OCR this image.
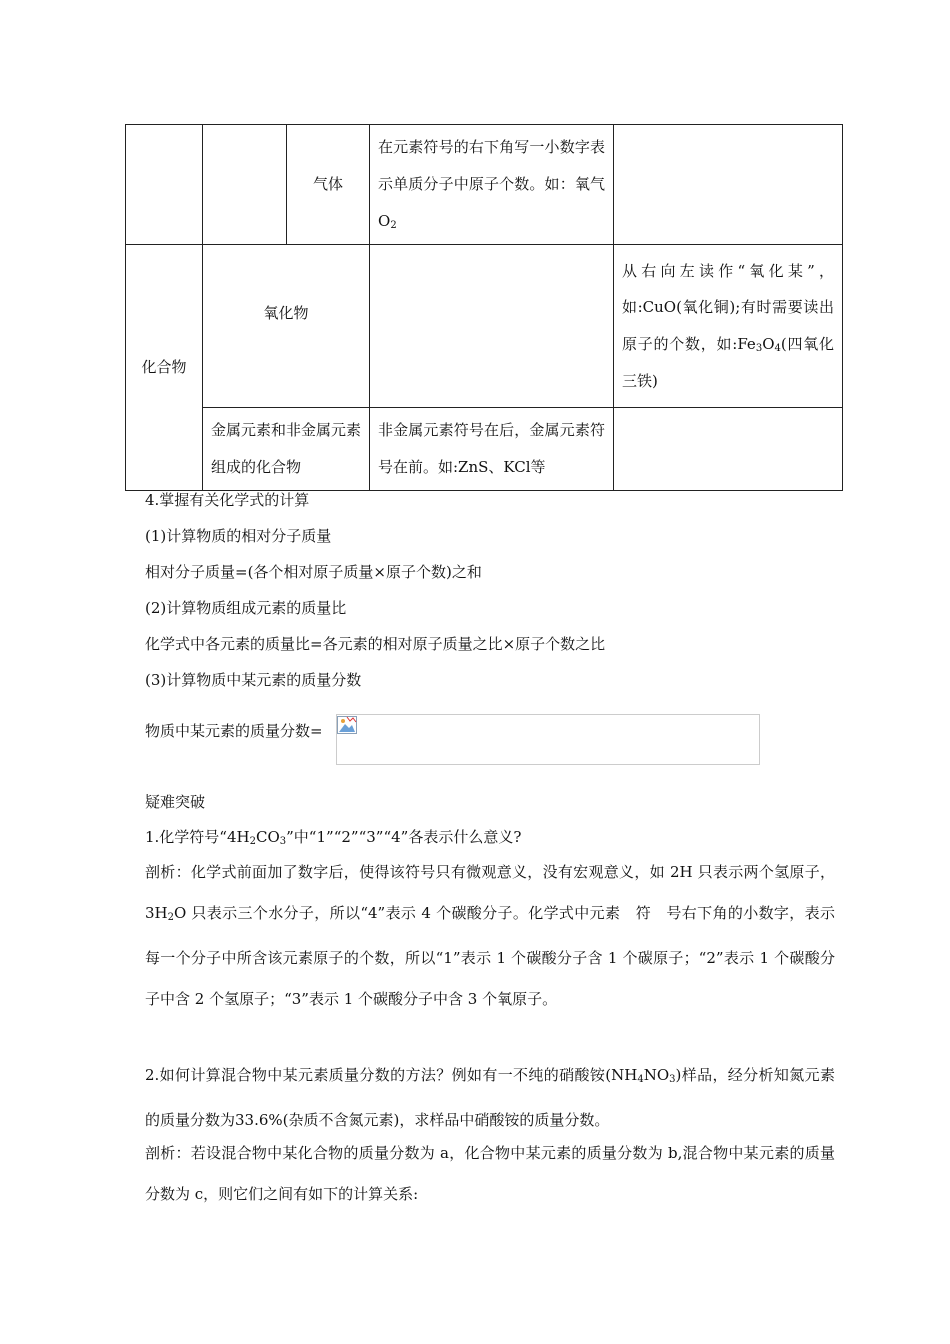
		气体	在元素符号的右下角写一小数字表示单质分子中原子个数。如：氧气$O_2$	
化合物	氧化物			从右向左读作“氧化某”，如:CuO(氧化铜);有时需要读出原子的个数，如$:Fe_3O_4$(四氧化三铁)
	金属元素和非金属元素组成的化合物		非金属元素符号在后，金属元素符号在前。如:ZnS、KCl等	
4.掌握有关化学式的计算
(1)计算物质的相对分子质量
相对分子质量=(各个相对原子质量×原子个数)之和
(2)计算物质组成元素的质量比
化学式中各元素的质量比=各元素的相对原子质量之比×原子个数之比
(3)计算物质中某元素的质量分数
物质中某元素的质量分数=
疑难突破
1.化学符号“$4H_2CO_3$”中“1”“2”“3”“4”各表示什么意义?
剖析：化学式前面加了数字后，使得该符号只有微观意义，没有宏观意义，如 2H 只表示两个氢原子， $3H_2O$ 只表示三个水分子，所以“4”表示 4 个碳酸分子。化学式中元素　符　号右下角的小数字，表示每一个分子中所含该元素原子的个数，所以“1”表示 1 个碳酸分子含 1 个碳原子；“2”表示 1 个碳酸分子中含 2 个氢原子；“3”表示 1 个碳酸分子中含 3 个氧原子。
2.如何计算混合物中某元素质量分数的方法？例如有一不纯的硝酸铵$(NH_4NO_3)$样品，经分析知氮元素的质量分数为33.6%(杂质不含氮元素)，求样品中硝酸铵的质量分数。
剖析：若设混合物中某化合物的质量分数为 a，化合物中某元素的质量分数为 b,混合物中某元素的质量分数为 c，则它们之间有如下的计算关系:
